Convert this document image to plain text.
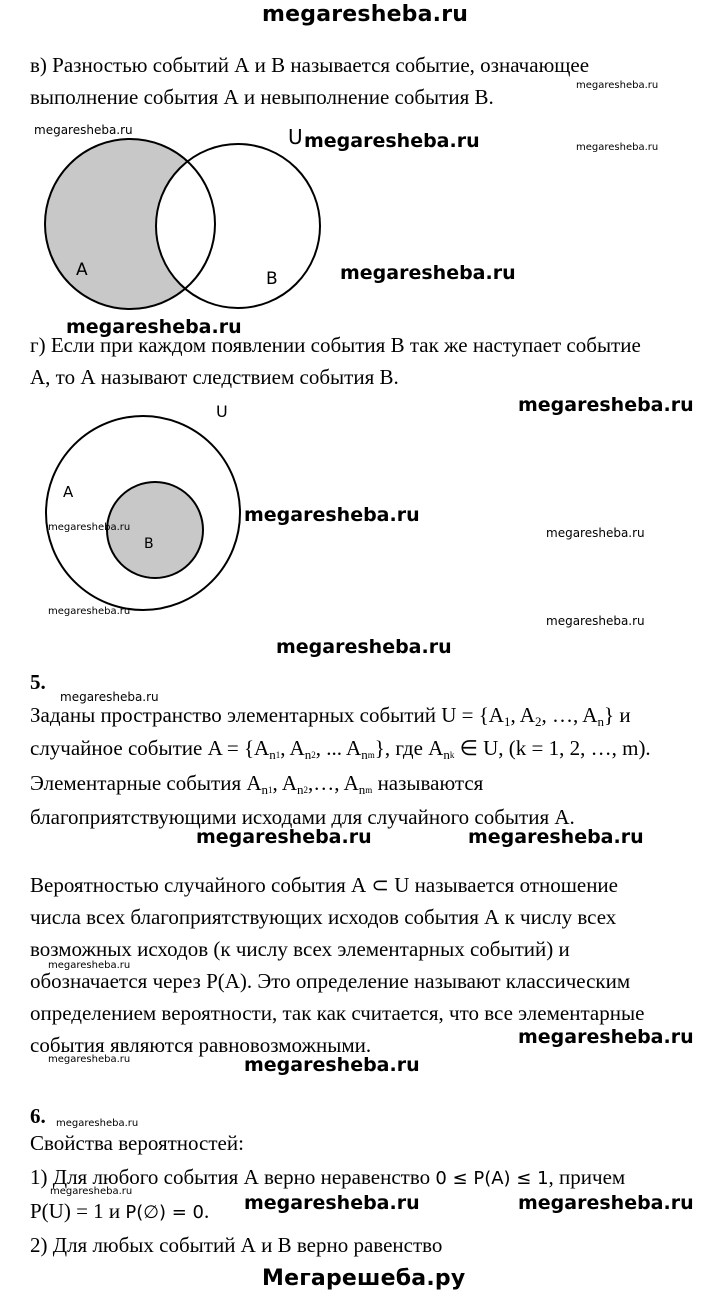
megaresheba.ru
в) Разностью событий А и В называется событие, означающее
выполнение события А и невыполнение события В.	megaresheba.ru
megaresheba.ru
megaresheba.ru
U
A	B
megaresheba.ru
megaresheba.ru
megaresheba.ru
г) Если при каждом появлении события В так же наступает событие
А, то А называют следствием события В.
megaresheba.ru
U
A
B
megaresheba.ru
megaresheba.ru
megaresheba.ru
megaresheba.ru
megaresheba.ru
megaresheba.ru
5.
megaresheba.ru
Заданы пространство элементарных событий $U = \{A_1$, $A_2$, …, $A_n$} и
случайное событие $A = \{A_n1$, $A_n2$, ... $A_nm$}, где $A_nk$ ∈ U, (k = 1, 2, …, m).
Элементарные события $A_n1$, $A_n2,\dots$, $A_nm$ называются
благоприятствующими исходами для случайного события А.
megaresheba.ru	megaresheba.ru
Вероятностью случайного события А ⊂ U называется отношение
числа всех благоприятствующих исходов события А к числу всех
возможных исходов (к числу всех элементарных событий) и
megaresheba.ru
обозначается через Р(А). Это определение называют классическим
определением вероятности, так как считается, что все элементарные
события являются равновозможными.	megaresheba.ru
megaresheba.ru	megaresheba.ru
6. megaresheba.ru
Свойства вероятностей:
1) Для любого события А верно неравенство 0 ≤ P(A) ≤ 1, причем
megaresheba.ru
P(U) = 1 и P(∅) = 0. megaresheba.ru	megaresheba.ru
2) Для любых событий А и В верно равенство
Мегарешеба.ру
